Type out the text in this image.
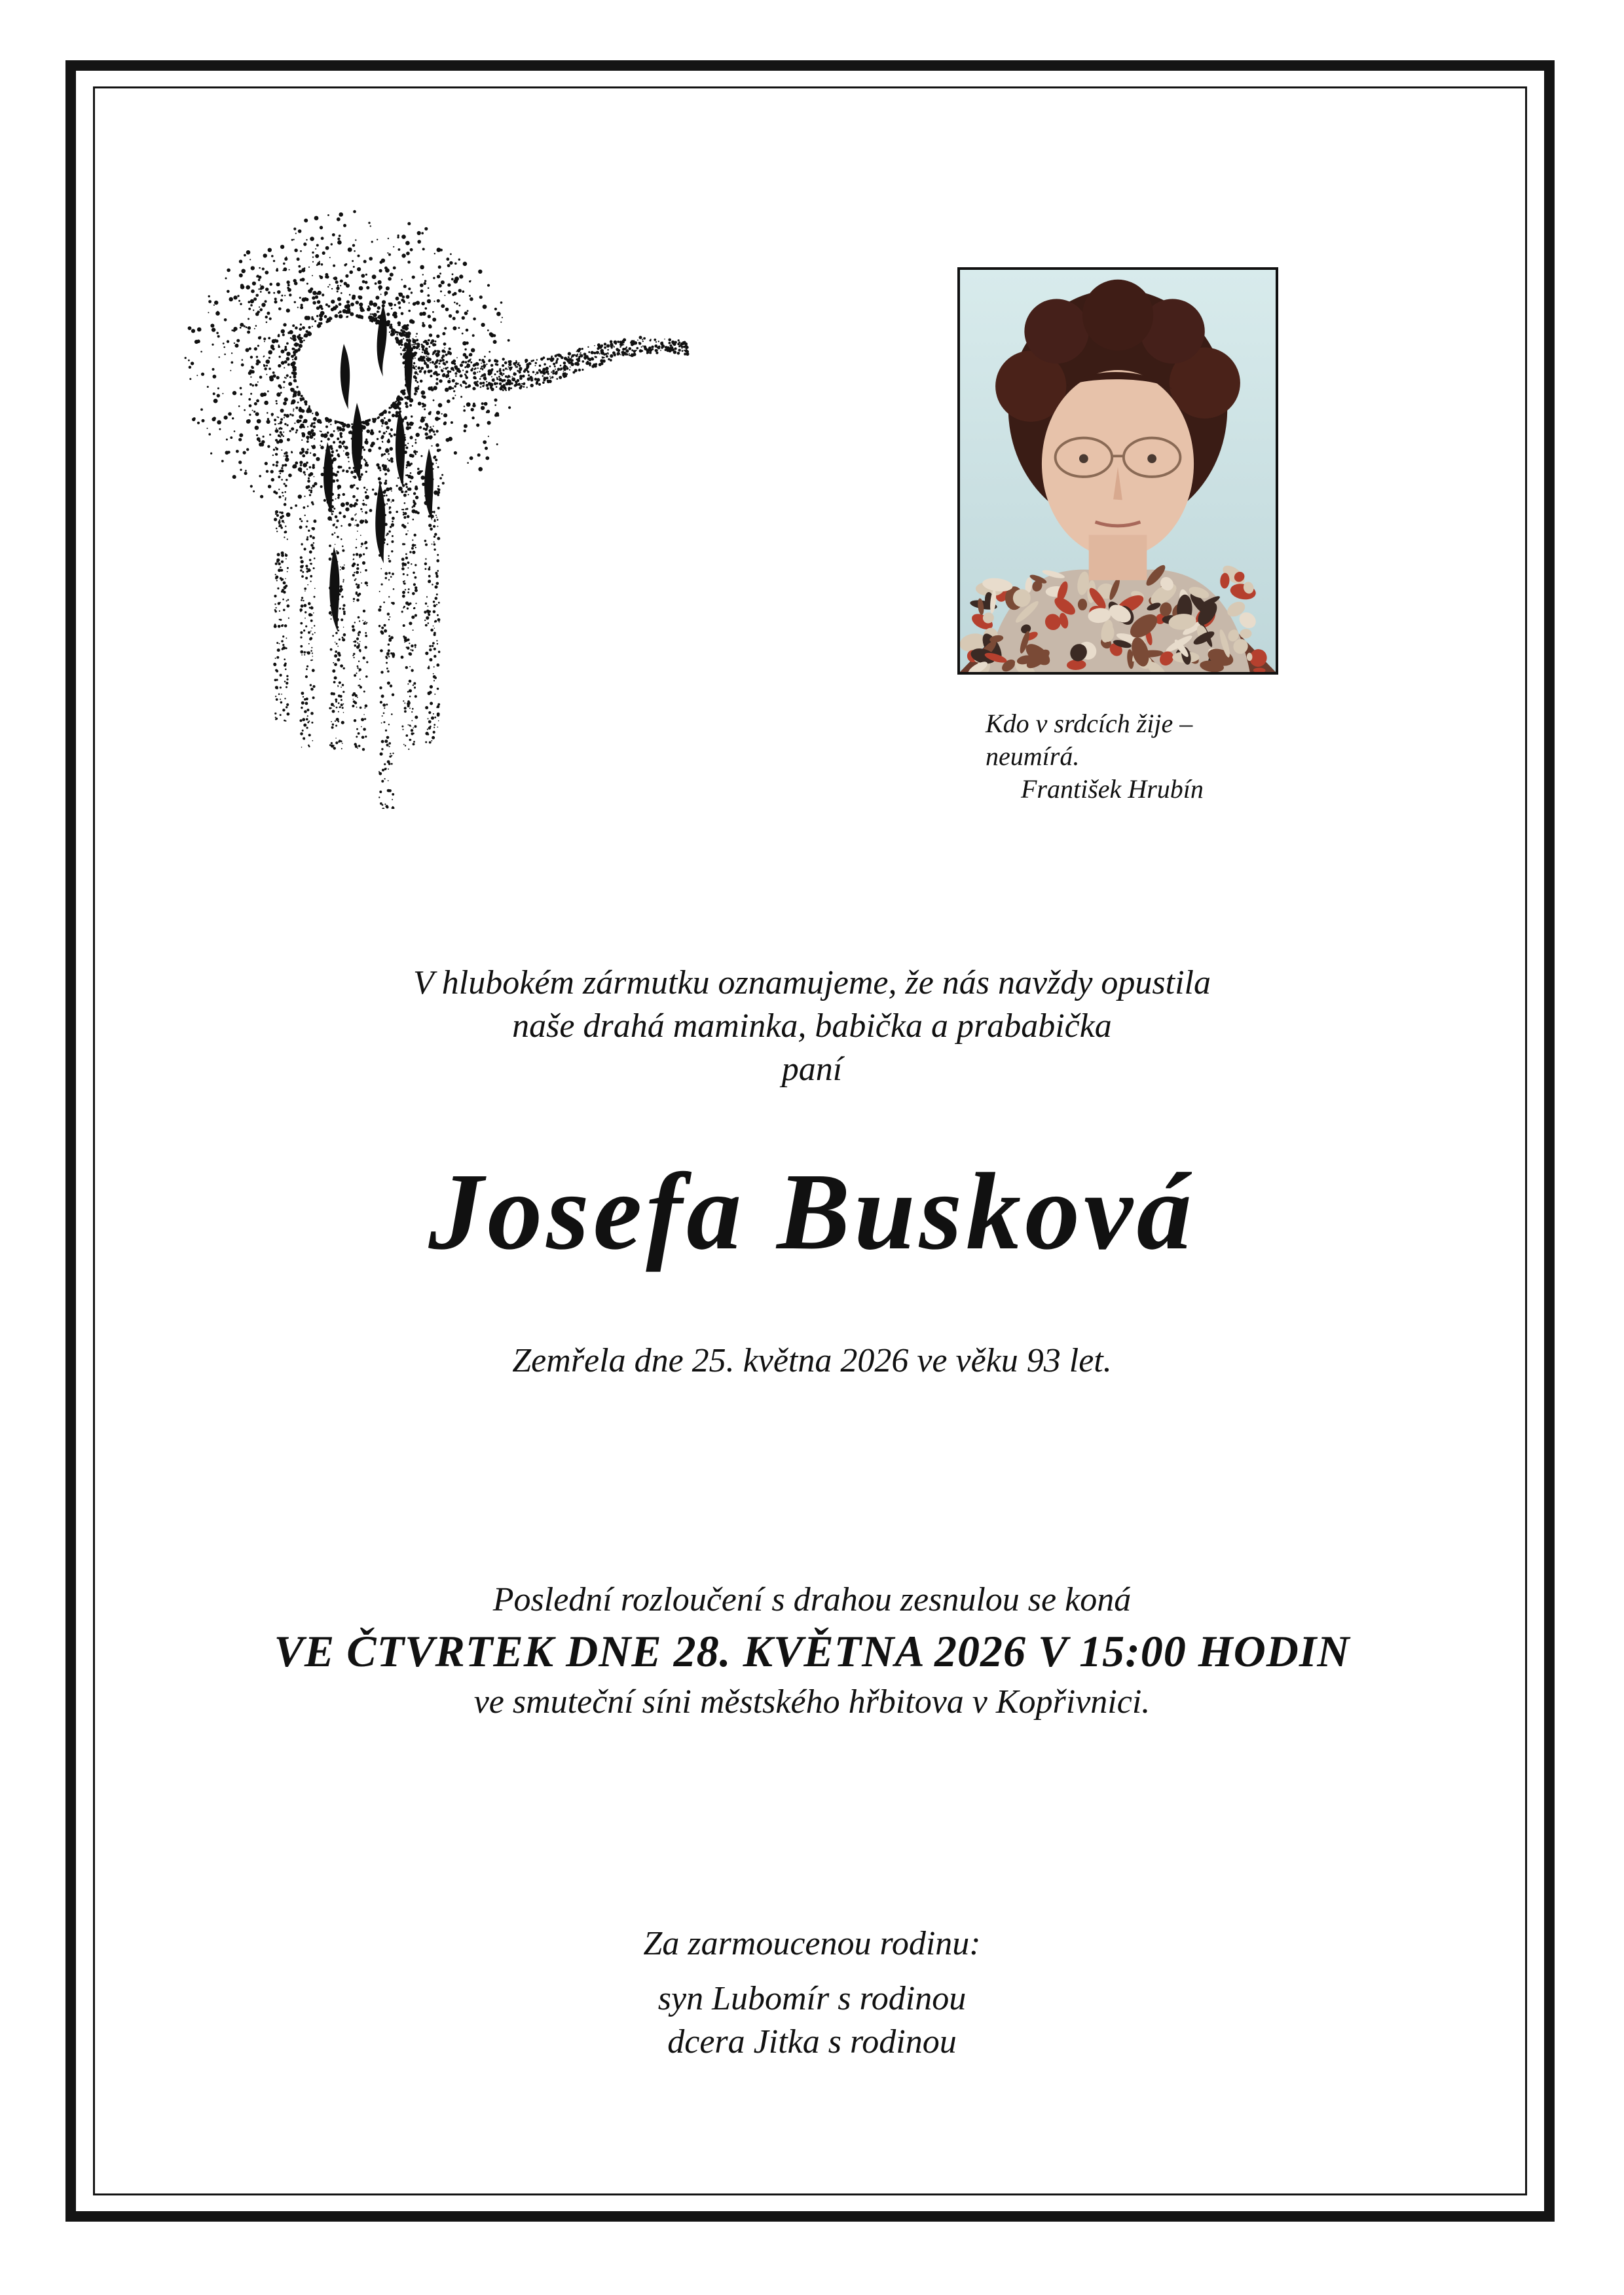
Kdo v srdcích žije –
neumírá.
František Hrubín
V hlubokém zármutku oznamujeme, že nás navždy opustila
naše drahá maminka, babička a prababička
paní
Josefa Busková
Zemřela dne 25. května 2026 ve věku 93 let.
Poslední rozloučení s drahou zesnulou se koná
VE ČTVRTEK DNE 28. KVĚTNA 2026 V 15:00 HODIN
ve smuteční síni městského hřbitova v Kopřivnici.
Za zarmoucenou rodinu:
syn Lubomír s rodinou
dcera Jitka s rodinou
